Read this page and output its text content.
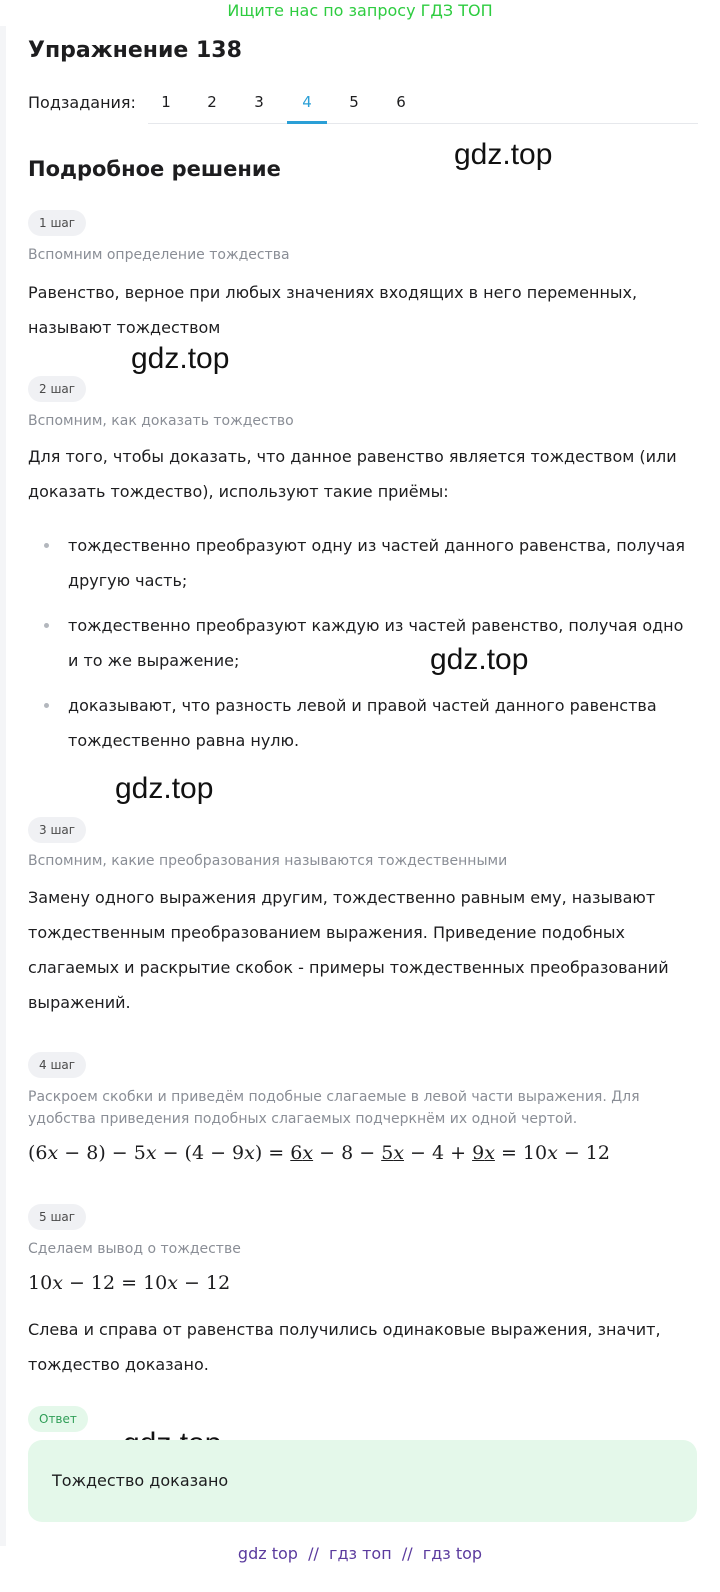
Ищите нас по запросу ГДЗ ТОП
Упражнение 138
Подзадания:	1	2	3	4	5	6
Подробное решение	gdz.top
gdz.top
gdz.top
gdz.top
1 шаг
Вспомним определение тождества
Равенство, верное при любых значениях входящих в него переменных, называют тождеством
2 шаг
Вспомним, как доказать тождество
Для того, чтобы доказать, что данное равенство является тождеством (или доказать тождество), используют такие приёмы:
тождественно преобразуют одну из частей данного равенства, получая другую часть;
тождественно преобразуют каждую из частей равенство, получая одно и то же выражение;
доказывают, что разность левой и правой частей данного равенства тождественно равна нулю.
3 шаг
Вспомним, какие преобразования называются тождественными
Замену одного выражения другим, тождественно равным ему, называют тождественным преобразованием выражения. Приведение подобных слагаемых и раскрытие скобок - примеры тождественных преобразований выражений.
4 шаг
Раскроем скобки и приведём подобные слагаемые в левой части выражения. Для удобства приведения подобных слагаемых подчеркнём их одной чертой.
(6x − 8) − 5x − (4 − 9x) = 6x − 8 − 5x − 4 + 9x = 10x − 12
5 шаг
Сделаем вывод о тождестве
10x − 12 = 10x − 12
Слева и справа от равенства получились одинаковые выражения, значит, тождество доказано.
Ответ
Тождество доказано
gdz top  //  гдз топ  //  гдз top
